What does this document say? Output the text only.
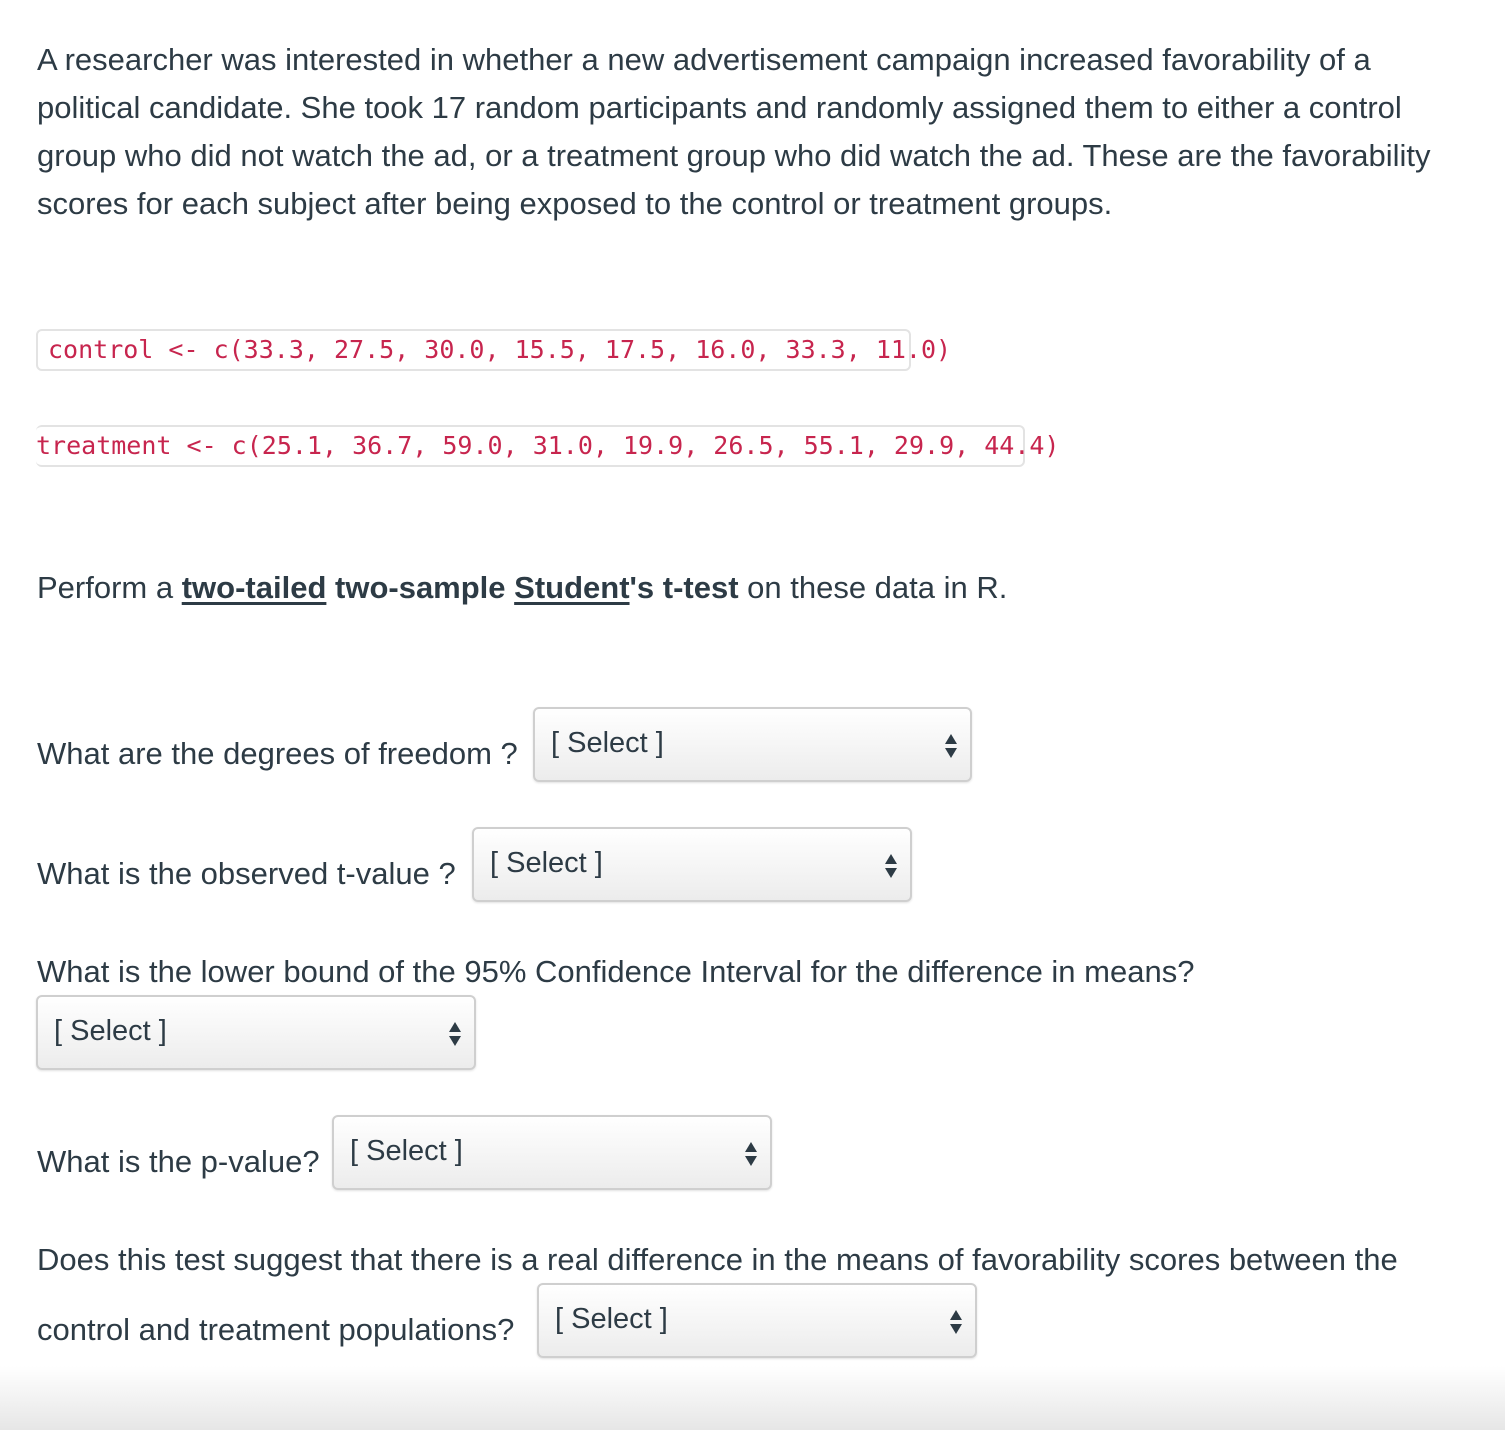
A researcher was interested in whether a new advertisement campaign increased favorability of a political candidate. She took 17 random participants and randomly assigned them to either a control group who did not watch the ad, or a treatment group who did watch the ad. These are the favorability scores for each subject after being exposed to the control or treatment groups.

control <- c(33.3, 27.5, 30.0, 15.5, 17.5, 16.0, 33.3, 11.0)
treatment <- c(25.1, 36.7, 59.0, 31.0, 19.9, 26.5, 55.1, 29.9, 44.4)

Perform a two-tailed two-sample Student's t-test on these data in R.

What are the degrees of freedom ? [ Select ]

What is the observed t-value ? [ Select ]

What is the lower bound of the 95% Confidence Interval for the difference in means?

[ Select ]

What is the p-value? [ Select ]

Does this test suggest that there is a real difference in the means of favorability scores between the

control and treatment populations? [ Select ]
